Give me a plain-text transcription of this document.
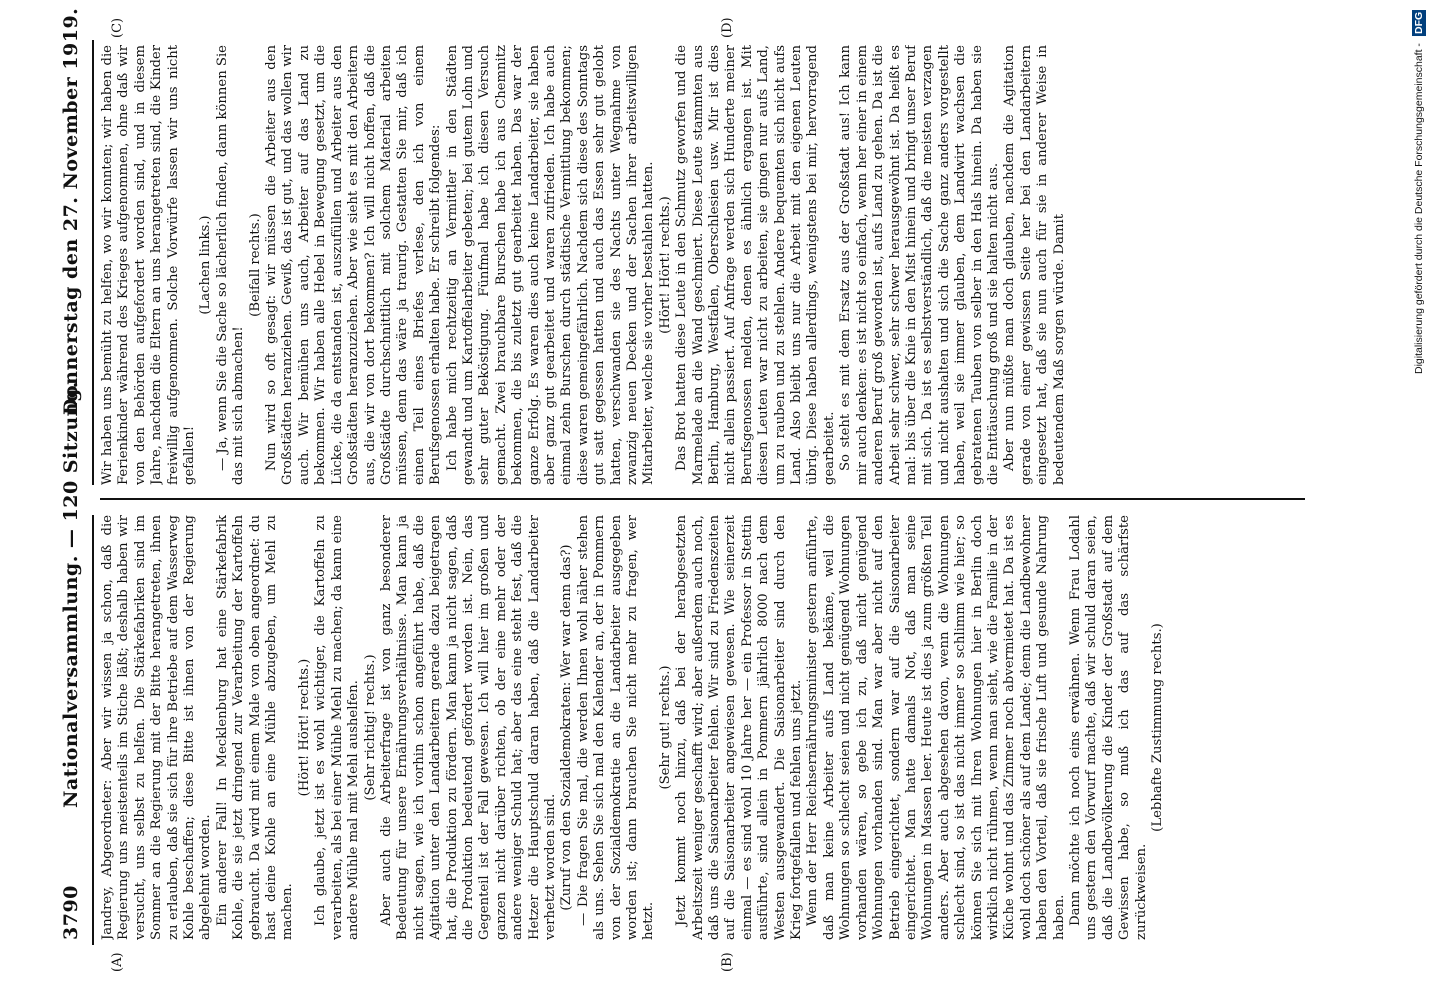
3790 Nationalversammlung. — 120 Sitzung.
Donnerstag den 27. November 1919.
(A)	(B)
(C)	(D)

Jandrey, Abgeordneter: Aber wir wissen ja schon, daß die Regierung uns meistenteils im Stiche läßt; deshalb haben wir versucht, uns selbst zu helfen. Die Stärkefabriken sind im Sommer an die Regierung mit der Bitte herangetreten, ihnen zu erlauben, daß sie sich für ihre Betriebe auf dem Wasserweg Kohle beschaffen; diese Bitte ist ihnen von der Regierung abgelehnt worden. Ein anderer Fall! In Mecklenburg hat eine Stärkefabrik Kohle, die sie jetzt dringend zur Verarbeitung der Kartoffeln gebraucht. Da wird mit einem Male von oben angeordnet: du hast deine Kohle an eine Mühle abzugeben, um Mehl zu machen.

(Hört! Hört! rechts.) Ich glaube, jetzt ist es wohl wichtiger, die Kartoffeln zu verarbeiten, als bei einer Mühle Mehl zu machen; da kann eine andere Mühle mal mit Mehl aushelfen. (Sehr richtig! rechts.) Aber auch die Arbeiterfrage ist von ganz besonderer Bedeutung für unsere Ernährungsverhältnisse. Man kann ja nicht sagen, wie ich vorhin schon angeführt habe, daß die Agitation unter den Landarbeitern gerade dazu beigetragen hat, die Produktion zu fördern. Man kann ja nicht sagen, daß die Produktion bedeutend gefördert worden ist. Nein, das Gegenteil ist der Fall gewesen. Ich will hier im großen und ganzen nicht darüber richten, ob der eine mehr oder der andere weniger Schuld hat; aber das eine steht fest, daß die Hetzer die Hauptschuld daran haben, daß die Landarbeiter verhetzt worden sind. (Zuruf von den Sozialdemokraten: Wer war denn das?) — Die fragen Sie mal, die werden Ihnen wohl näher stehen als uns. Sehen Sie sich mal den Kalender an, der in Pommern von der Sozialdemokratie an die Landarbeiter ausgegeben worden ist; dann brauchen Sie nicht mehr zu fragen, wer hetzt.

(Sehr gut! rechts.) Jetzt kommt noch hinzu, daß bei der herabgesetzten Arbeitszeit weniger geschafft wird; aber außerdem auch noch, daß uns die Saisonarbeiter fehlen. Wir sind zu Friedenszeiten auf die Saisonarbeiter angewiesen gewesen. Wie seinerzeit einmal — es sind wohl 10 Jahre her — ein Professor in Stettin ausführte, sind allein in Pommern jährlich 8000 nach dem Westen ausgewandert. Die Saisonarbeiter sind durch den Krieg fortgefallen und fehlen uns jetzt. Wenn der Herr Reichsernährungsminister gestern anführte, daß man keine Arbeiter aufs Land bekäme, weil die Wohnungen so schlecht seien und nicht genügend Wohnungen vorhanden wären, so gebe ich zu, daß nicht genügend Wohnungen vorhanden sind. Man war aber nicht auf den Betrieb eingerichtet, sondern war auf die Saisonarbeiter eingerichtet. Man hatte damals Not, daß man seine Wohnungen in Massen leer. Heute ist dies ja zum größten Teil anders. Aber auch abgesehen davon, wenn die Wohnungen schlecht sind, so ist das nicht immer so schlimm wie hier; so können Sie sich mit Ihren Wohnungen hier in Berlin doch wirklich nicht rühmen, wenn man sieht, wie die Familie in der Küche wohnt und das Zimmer noch abvermietet hat. Da ist es wohl doch schöner als auf dem Lande; denn die Landbewohner haben den Vorteil, daß sie frische Luft und gesunde Nahrung haben. Dann möchte ich noch eins erwähnen. Wenn Frau Lodahl uns gestern den Vorwurf machte, daß wir schuld daran seien, daß die Landbevölkerung die Kinder der Großstadt auf dem Gewissen habe, so muß ich das auf das schärfste zurückweisen.

(Lebhafte Zustimmung rechts.)

Wir haben uns bemüht zu helfen, wo wir konnten; wir haben die Ferienkinder während des Krieges aufgenommen, ohne daß wir von den Behörden aufgefordert worden sind, und in diesem Jahre, nachdem die Eltern an uns herangetreten sind, die Kinder freiwillig aufgenommen. Solche Vorwürfe lassen wir uns nicht gefallen!

(Lachen links.) — Ja, wenn Sie die Sache so lächerlich finden, dann können Sie das mit sich abmachen!

(Beifall rechts.) Nun wird so oft gesagt: wir müssen die Arbeiter aus den Großstädten heranziehen. Gewiß, das ist gut, und das wollen wir auch. Wir bemühen uns auch, Arbeiter auf das Land zu bekommen. Wir haben alle Hebel in Bewegung gesetzt, um die Lücke, die da entstanden ist, auszufüllen und Arbeiter aus den Großstädten heranzuziehen. Aber wie sieht es mit den Arbeitern aus, die wir von dort bekommen? Ich will nicht hoffen, daß die Großstädte durchschnittlich mit solchem Material arbeiten müssen, denn das wäre ja traurig. Gestatten Sie mir, daß ich einen Teil eines Briefes verlese, den ich von einem Berufsgenossen erhalten habe. Er schreibt folgendes: Ich habe mich rechtzeitig an Vermittler in den Städten gewandt und um Kartoffelarbeiter gebeten; bei gutem Lohn und sehr guter Beköstigung. Fünfmal habe ich diesen Versuch gemacht. Zwei brauchbare Burschen habe ich aus Chemnitz bekommen, die bis zuletzt gut gearbeitet haben. Das war der ganze Erfolg. Es waren dies auch keine Landarbeiter, sie haben aber ganz gut gearbeitet und waren zufrieden. Ich habe auch einmal zehn Burschen durch städtische Vermittlung bekommen; diese waren gemeingefährlich. Nachdem sich diese des Sonntags gut satt gegessen hatten und auch das Essen sehr gut gelobt hatten, verschwanden sie des Nachts unter Wegnahme von zwanzig neuen Decken und der Sachen ihrer arbeitswilligen Mitarbeiter, welche sie vorher bestahlen hatten. (Hört! Hört! rechts.) Das Brot hatten diese Leute in den Schmutz geworfen und die Marmelade an die Wand geschmiert. Diese Leute stammten aus Berlin, Hamburg, Westfalen, Oberschlesien usw. Mir ist dies nicht allein passiert. Auf Anfrage werden sich Hunderte meiner Berufsgenossen melden, denen es ähnlich ergangen ist. Mit diesen Leuten war nicht zu arbeiten, sie gingen nur aufs Land, um zu rauben und zu stehlen. Andere bequemten sich nicht aufs Land. Also bleibt uns nur die Arbeit mit den eigenen Leuten übrig. Diese haben allerdings, wenigstens bei mir, hervorragend gearbeitet. So steht es mit dem Ersatz aus der Großstadt aus! Ich kann mir auch denken: es ist nicht so einfach, wenn her einer in einem anderen Beruf groß geworden ist, aufs Land zu gehen. Da ist die Arbeit sehr schwer, sehr schwer herausgewöhnt ist. Da heißt es mal: bis über die Knie in den Mist hinein und bringt unser Beruf mit sich. Da ist es selbstverständlich, daß die meisten verzagen und nicht aushalten und sich die Sache ganz anders vorgestellt haben, weil sie immer glauben, dem Landwirt wachsen die gebratenen Tauben von selber in den Hals hinein. Da haben sie die Enttäuschung groß und sie halten nicht aus. Aber nun müßte man doch glauben, nachdem die Agitation gerade von einer gewissen Seite her bei den Landarbeitern eingesetzt hat, daß sie nun auch für sie in anderer Weise in bedeutendem Maß sorgen würde. Damit	Digitalisierung gefördert durch die Deutsche Forschungsgemeinschaft - DFG
